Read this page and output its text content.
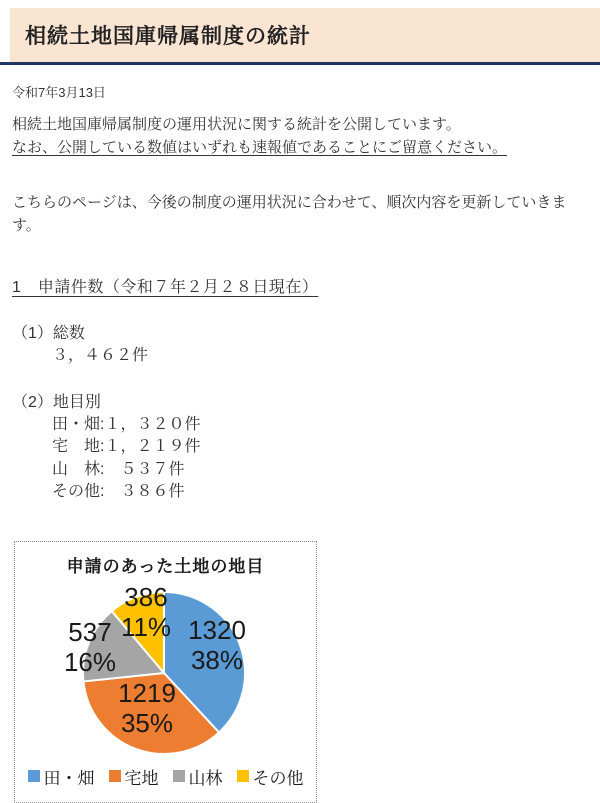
相続土地国庫帰属制度の統計
令和7年3月13日

相続土地国庫帰属制度の運用状況に関する統計を公開しています。
なお、公開している数値はいずれも速報値であることにご留意ください。

こちらのページは、今後の制度の運用状況に合わせて、順次内容を更新していきます。
1　申請件数（令和７年２月２８日現在）
（1）総数
３，４６２件
（2）地目別
田・畑:１，３２０件
宅　地:１，２１９件
山　林:　５３７件
その他:　３８６件
申請のあった土地の地目
1320
38%
1219
35%
537
16%
386
11%
田・畑 宅地 山林 その他
